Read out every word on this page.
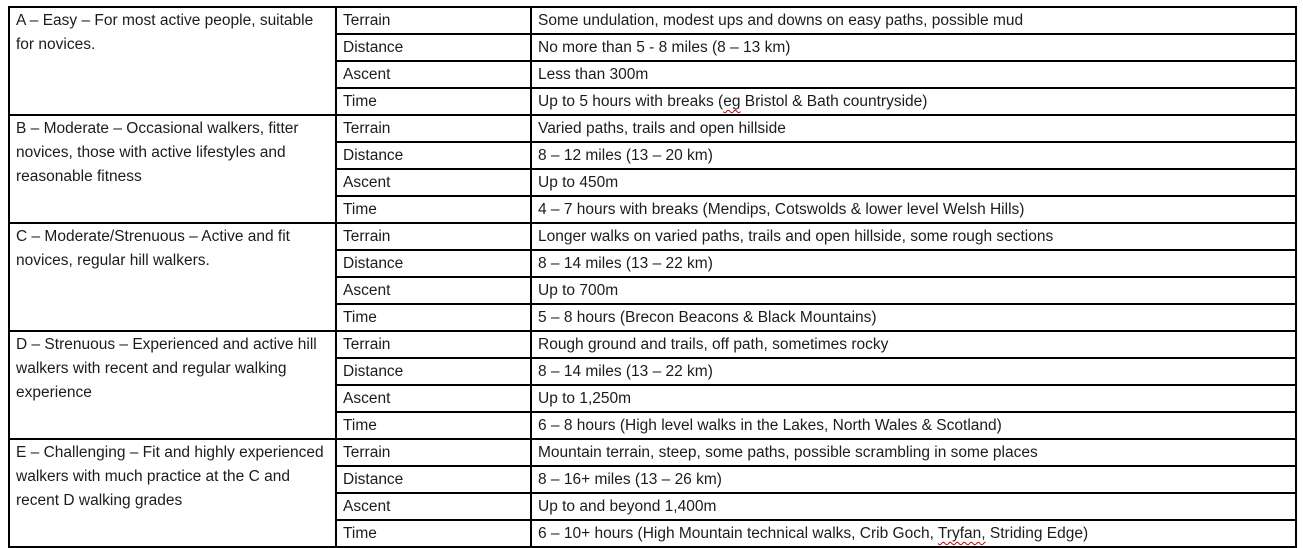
A – Easy – For most active people, suitable for novices.	Terrain	Some undulation, modest ups and downs on easy paths, possible mud
	Distance	No more than 5 - 8 miles (8 – 13 km)
	Ascent	Less than 300m
	Time	Up to 5 hours with breaks (eg Bristol & Bath countryside)
B – Moderate – Occasional walkers, fitter novices, those with active lifestyles and reasonable fitness	Terrain	Varied paths, trails and open hillside
	Distance	8 – 12 miles (13 – 20 km)
	Ascent	Up to 450m
	Time	4 – 7 hours with breaks (Mendips, Cotswolds & lower level Welsh Hills)
C – Moderate/Strenuous – Active and fit novices, regular hill walkers.	Terrain	Longer walks on varied paths, trails and open hillside, some rough sections
	Distance	8 – 14 miles (13 – 22 km)
	Ascent	Up to 700m
	Time	5 – 8 hours (Brecon Beacons & Black Mountains)
D – Strenuous – Experienced and active hill walkers with recent and regular walking experience	Terrain	Rough ground and trails, off path, sometimes rocky
	Distance	8 – 14 miles (13 – 22 km)
	Ascent	Up to 1,250m
	Time	6 – 8 hours (High level walks in the Lakes, North Wales & Scotland)
E – Challenging – Fit and highly experienced walkers with much practice at the C and recent D walking grades	Terrain	Mountain terrain, steep, some paths, possible scrambling in some places
	Distance	8 – 16+ miles (13 – 26 km)
	Ascent	Up to and beyond 1,400m
	Time	6 – 10+ hours (High Mountain technical walks, Crib Goch, Tryfan, Striding Edge)
